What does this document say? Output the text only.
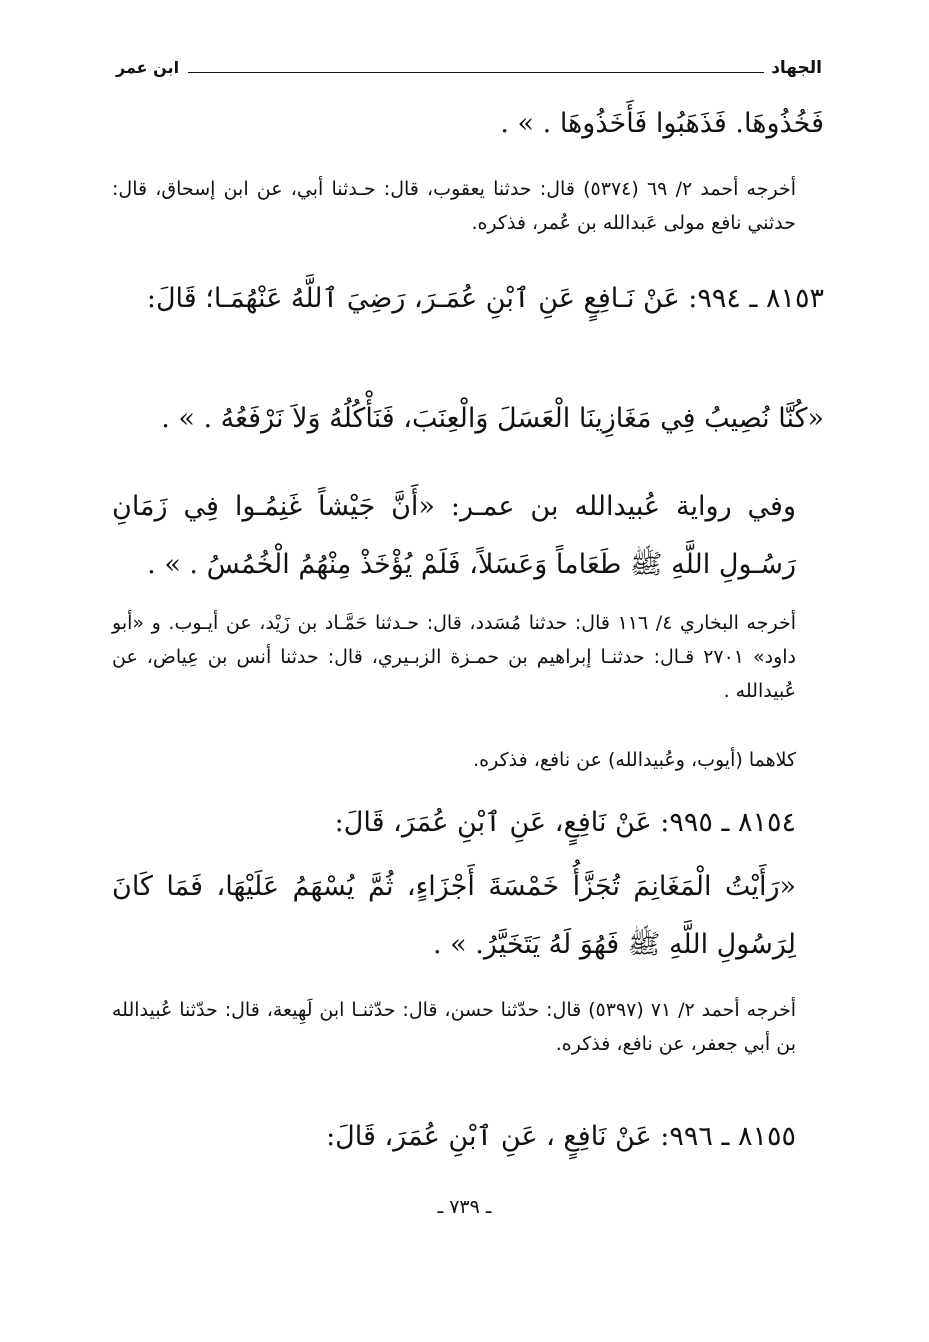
الجهاد
ابن عمر
فَخُذُوهَا. فَذَهَبُوا فَأَخَذُوهَا . » .
أخرجه أحمد ٢/ ٦٩ (٥٣٧٤) قال: حدثنا يعقوب، قال: حـدثنا أبي، عن ابن إسحاق، قال: حدثني نافع مولى عَبدالله بن عُمر، فذكره.
٨١٥٣ ـ ٩٩٤: عَنْ نَـافِعٍ عَنِ ٱبْنِ عُمَـرَ، رَضِيَ ٱللَّهُ عَنْهُمَـا؛ قَالَ:
«كُنَّا نُصِيبُ فِي مَغَازِينَا الْعَسَلَ وَالْعِنَبَ، فَنَأْكُلُهُ وَلاَ نَرْفَعُهُ . » .
وفي رواية عُبيدالله بن عمـر: «أَنَّ جَيْشاً غَنِمُـوا فِي زَمَانِ رَسُـولِ اللَّهِ ﷺ طَعَاماً وَعَسَلاً، فَلَمْ يُؤْخَذْ مِنْهُمُ الْخُمُسُ . » .
أخرجه البخاري ٤/ ١١٦ قال: حدثنا مُسَدد، قال: حـدثنا حَمَّـاد بن زَيْد، عن أيـوب. و «أبو داود» ٢٧٠١ قـال: حدثنـا إبراهيم بن حمـزة الزبـيري، قال: حدثنا أنس بن عِياض، عن عُبيدالله .
كلاهما (أيوب، وعُبيدالله) عن نافع، فذكره.
٨١٥٤ ـ ٩٩٥: عَنْ نَافِعٍ، عَنِ ٱبْنِ عُمَرَ، قَالَ:
«رَأَيْتُ الْمَغَانِمَ تُجَزَّأُ خَمْسَةَ أَجْزَاءٍ، ثُمَّ يُسْهَمُ عَلَيْهَا، فَمَا كَانَ لِرَسُولِ اللَّهِ ﷺ فَهُوَ لَهُ يَتَخَيَّرُ. » .
أخرجه أحمد ٢/ ٧١ (٥٣٩٧) قال: حدّثنا حسن، قال: حدّثنـا ابن لَهِيعة، قال: حدّثنا عُبيدالله بن أبي جعفر، عن نافع، فذكره.
٨١٥٥ ـ ٩٩٦: عَنْ نَافِعٍ ، عَنِ ٱبْنِ عُمَرَ، قَالَ:
ـ ٧٣٩ ـ
